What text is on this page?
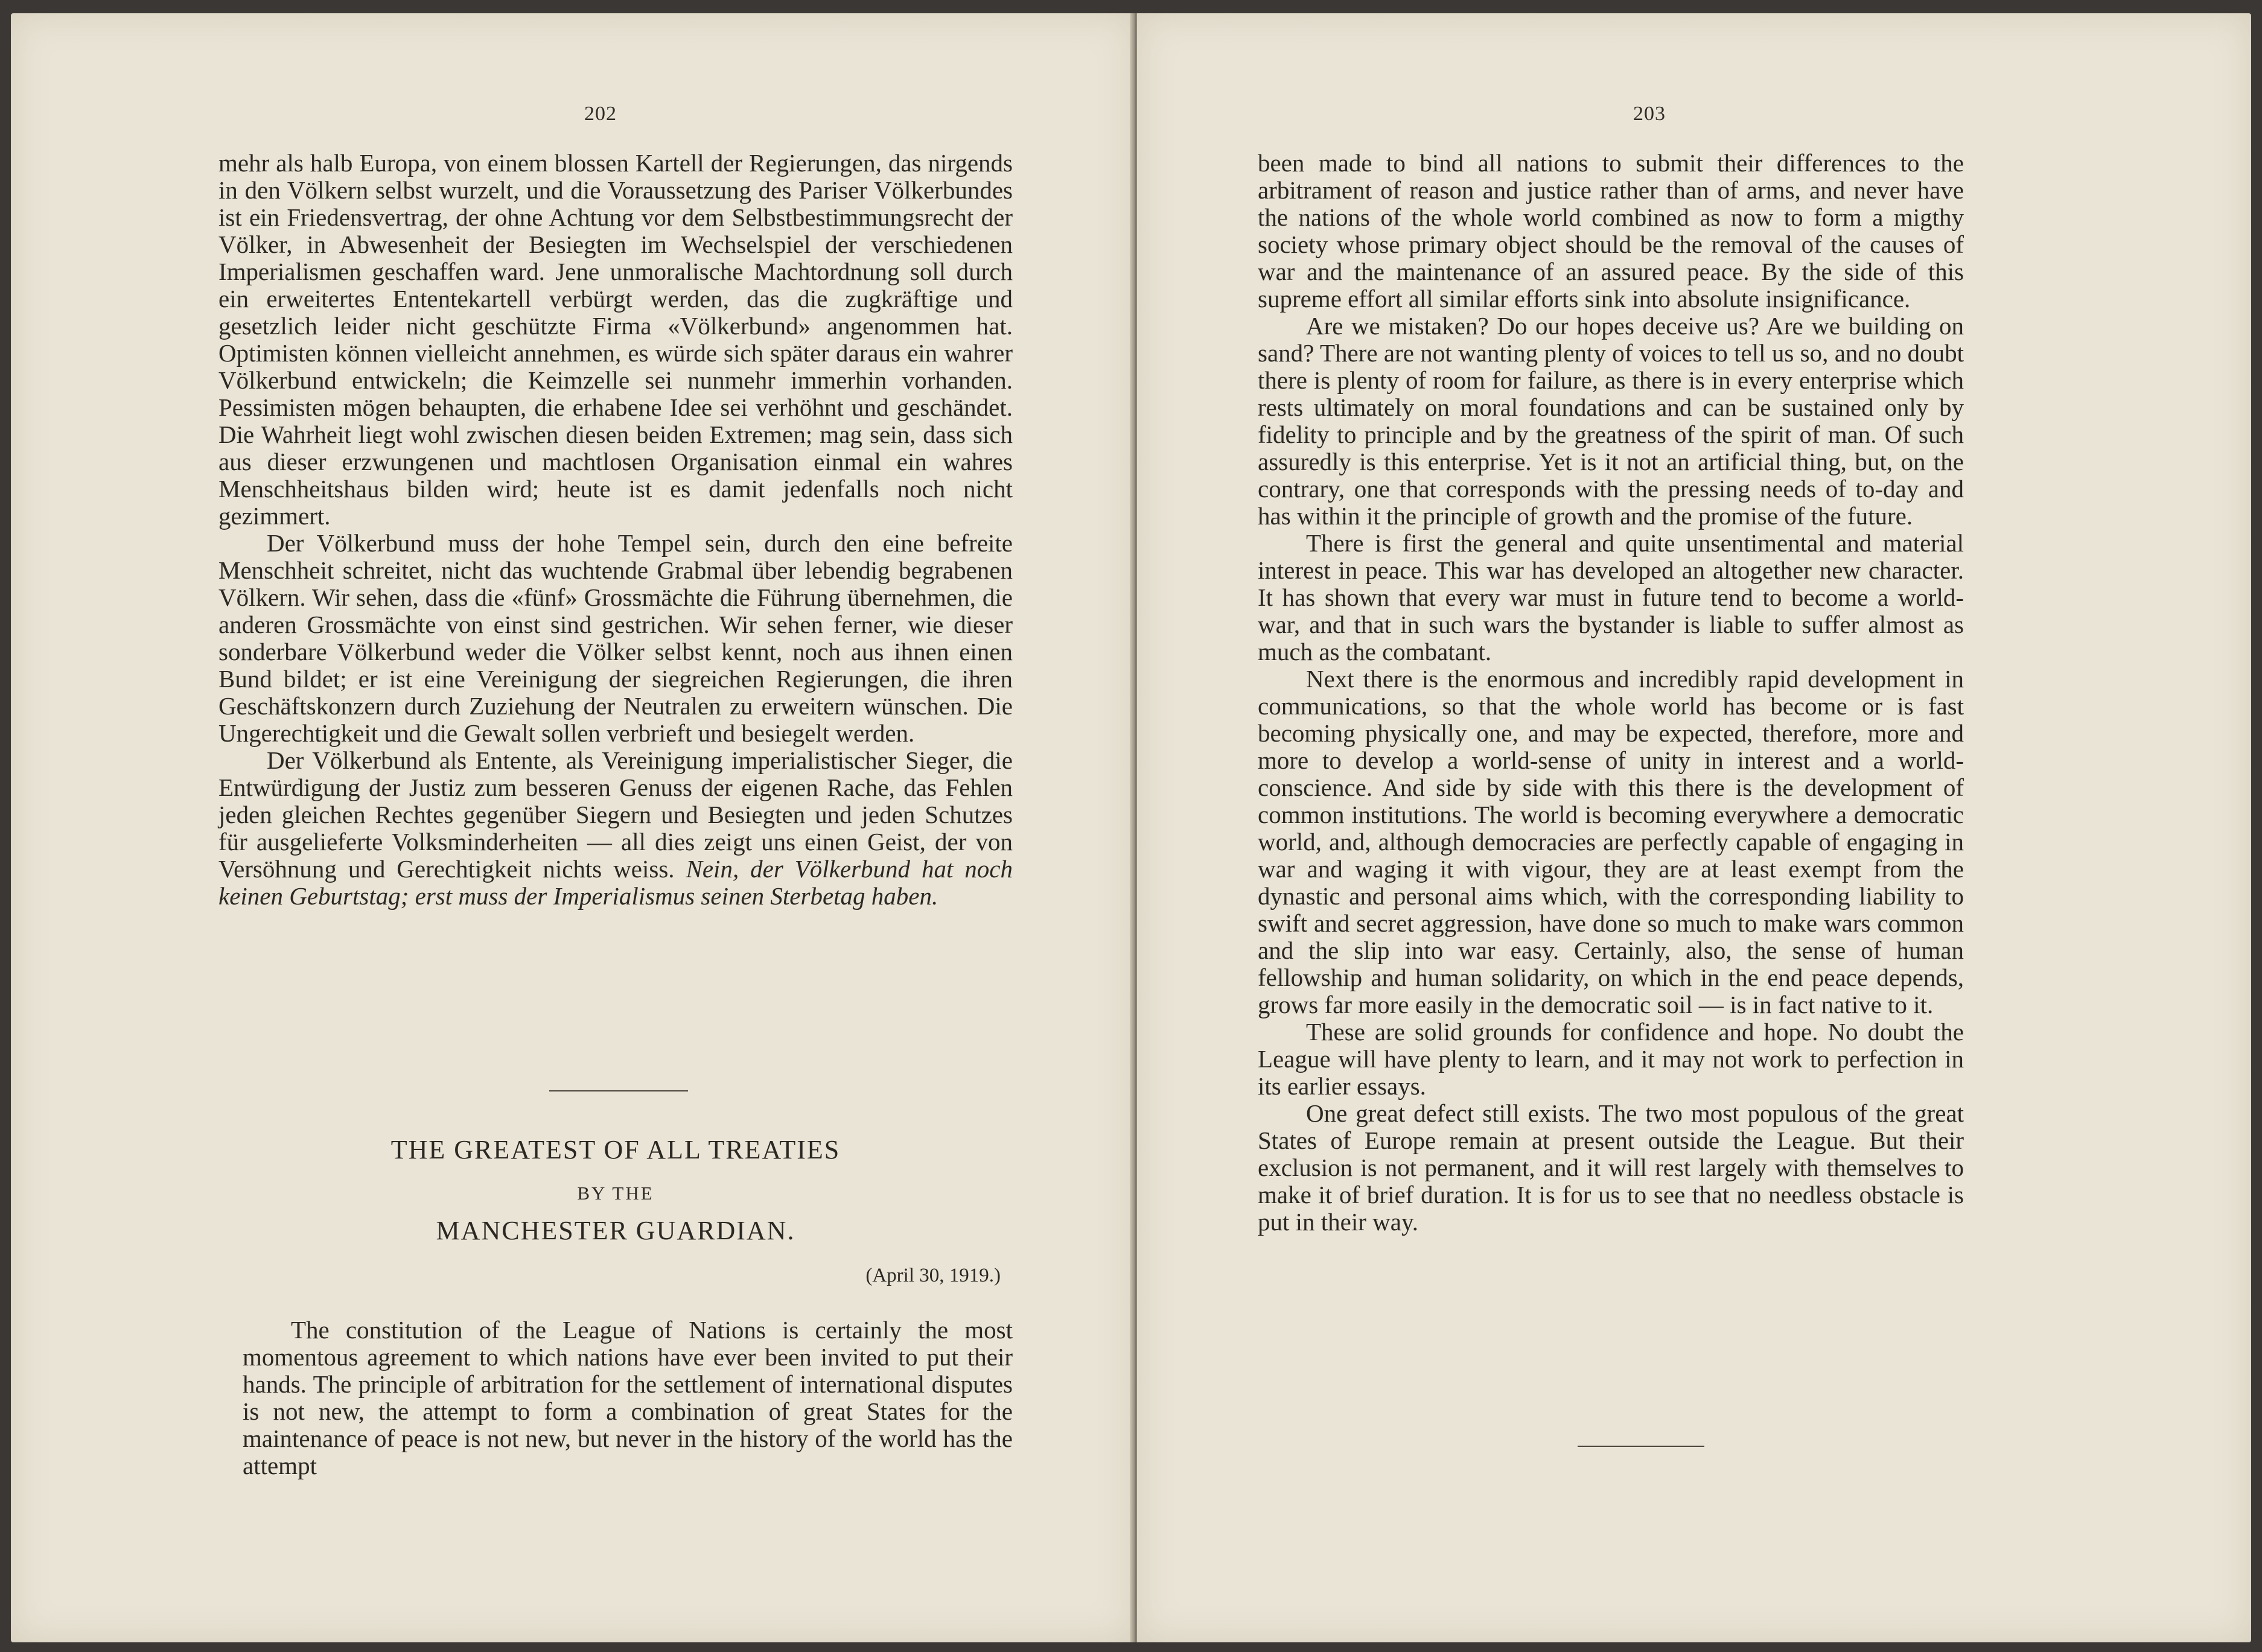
202

mehr als halb Europa, von einem blossen Kartell der Regierungen, das nirgends in den Völkern selbst wurzelt, und die Voraussetzung des Pariser Völkerbundes ist ein Friedensvertrag, der ohne Achtung vor dem Selbstbestimmungsrecht der Völker, in Abwesenheit der Besiegten im Wechselspiel der verschiedenen Imperialismen geschaffen ward. Jene unmoralische Machtordnung soll durch ein erweitertes Ententekartell verbürgt werden, das die zugkräftige und gesetzlich leider nicht geschützte Firma «Völkerbund» angenommen hat. Optimisten können vielleicht annehmen, es würde sich später daraus ein wahrer Völkerbund entwickeln; die Keimzelle sei nunmehr immerhin vorhanden. Pessimisten mögen behaupten, die erhabene Idee sei verhöhnt und geschändet. Die Wahrheit liegt wohl zwischen diesen beiden Extremen; mag sein, dass sich aus dieser erzwungenen und machtlosen Organisation einmal ein wahres Menschheitshaus bilden wird; heute ist es damit jedenfalls noch nicht gezimmert.

Der Völkerbund muss der hohe Tempel sein, durch den eine befreite Menschheit schreitet, nicht das wuchtende Grabmal über lebendig begrabenen Völkern. Wir sehen, dass die «fünf» Grossmächte die Führung übernehmen, die anderen Grossmächte von einst sind gestrichen. Wir sehen ferner, wie dieser sonderbare Völkerbund weder die Völker selbst kennt, noch aus ihnen einen Bund bildet; er ist eine Vereinigung der siegreichen Regierungen, die ihren Geschäftskonzern durch Zuziehung der Neutralen zu erweitern wünschen. Die Ungerechtigkeit und die Gewalt sollen verbrieft und besiegelt werden.

Der Völkerbund als Entente, als Vereinigung imperialistischer Sieger, die Entwürdigung der Justiz zum besseren Genuss der eigenen Rache, das Fehlen jeden gleichen Rechtes gegenüber Siegern und Besiegten und jeden Schutzes für ausgelieferte Volksminderheiten — all dies zeigt uns einen Geist, der von Versöhnung und Gerechtigkeit nichts weiss. Nein, der Völkerbund hat noch keinen Geburtstag; erst muss der Imperialismus seinen Sterbetag haben.

THE GREATEST OF ALL TREATIES
BY THE
MANCHESTER GUARDIAN.
(April 30, 1919.)

The constitution of the League of Nations is certainly the most momentous agreement to which nations have ever been invited to put their hands. The principle of arbitration for the settlement of international disputes is not new, the attempt to form a combination of great States for the maintenance of peace is not new, but never in the history of the world has the attempt

203

been made to bind all nations to submit their differences to the arbitrament of reason and justice rather than of arms, and never have the nations of the whole world combined as now to form a migthy society whose primary object should be the removal of the causes of war and the maintenance of an assured peace. By the side of this supreme effort all similar efforts sink into absolute insignificance.

Are we mistaken? Do our hopes deceive us? Are we building on sand? There are not wanting plenty of voices to tell us so, and no doubt there is plenty of room for failure, as there is in every enterprise which rests ultimately on moral foundations and can be sustained only by fidelity to principle and by the greatness of the spirit of man. Of such assuredly is this enterprise. Yet is it not an artificial thing, but, on the contrary, one that corresponds with the pressing needs of to-day and has within it the principle of growth and the promise of the future.

There is first the general and quite unsentimental and material interest in peace. This war has developed an altogether new character. It has shown that every war must in future tend to become a world-war, and that in such wars the bystander is liable to suffer almost as much as the combatant.

Next there is the enormous and incredibly rapid development in communications, so that the whole world has become or is fast becoming physically one, and may be expected, therefore, more and more to develop a world-sense of unity in interest and a world-conscience. And side by side with this there is the development of common institutions. The world is becoming everywhere a democratic world, and, although democracies are perfectly capable of engaging in war and waging it with vigour, they are at least exempt from the dynastic and personal aims which, with the corresponding liability to swift and secret aggression, have done so much to make wars common and the slip into war easy. Certainly, also, the sense of human fellowship and human solidarity, on which in the end peace depends, grows far more easily in the democratic soil — is in fact native to it.

These are solid grounds for confidence and hope. No doubt the League will have plenty to learn, and it may not work to perfection in its earlier essays.

One great defect still exists. The two most populous of the great States of Europe remain at present outside the League. But their exclusion is not permanent, and it will rest largely with themselves to make it of brief duration. It is for us to see that no needless obstacle is put in their way.
